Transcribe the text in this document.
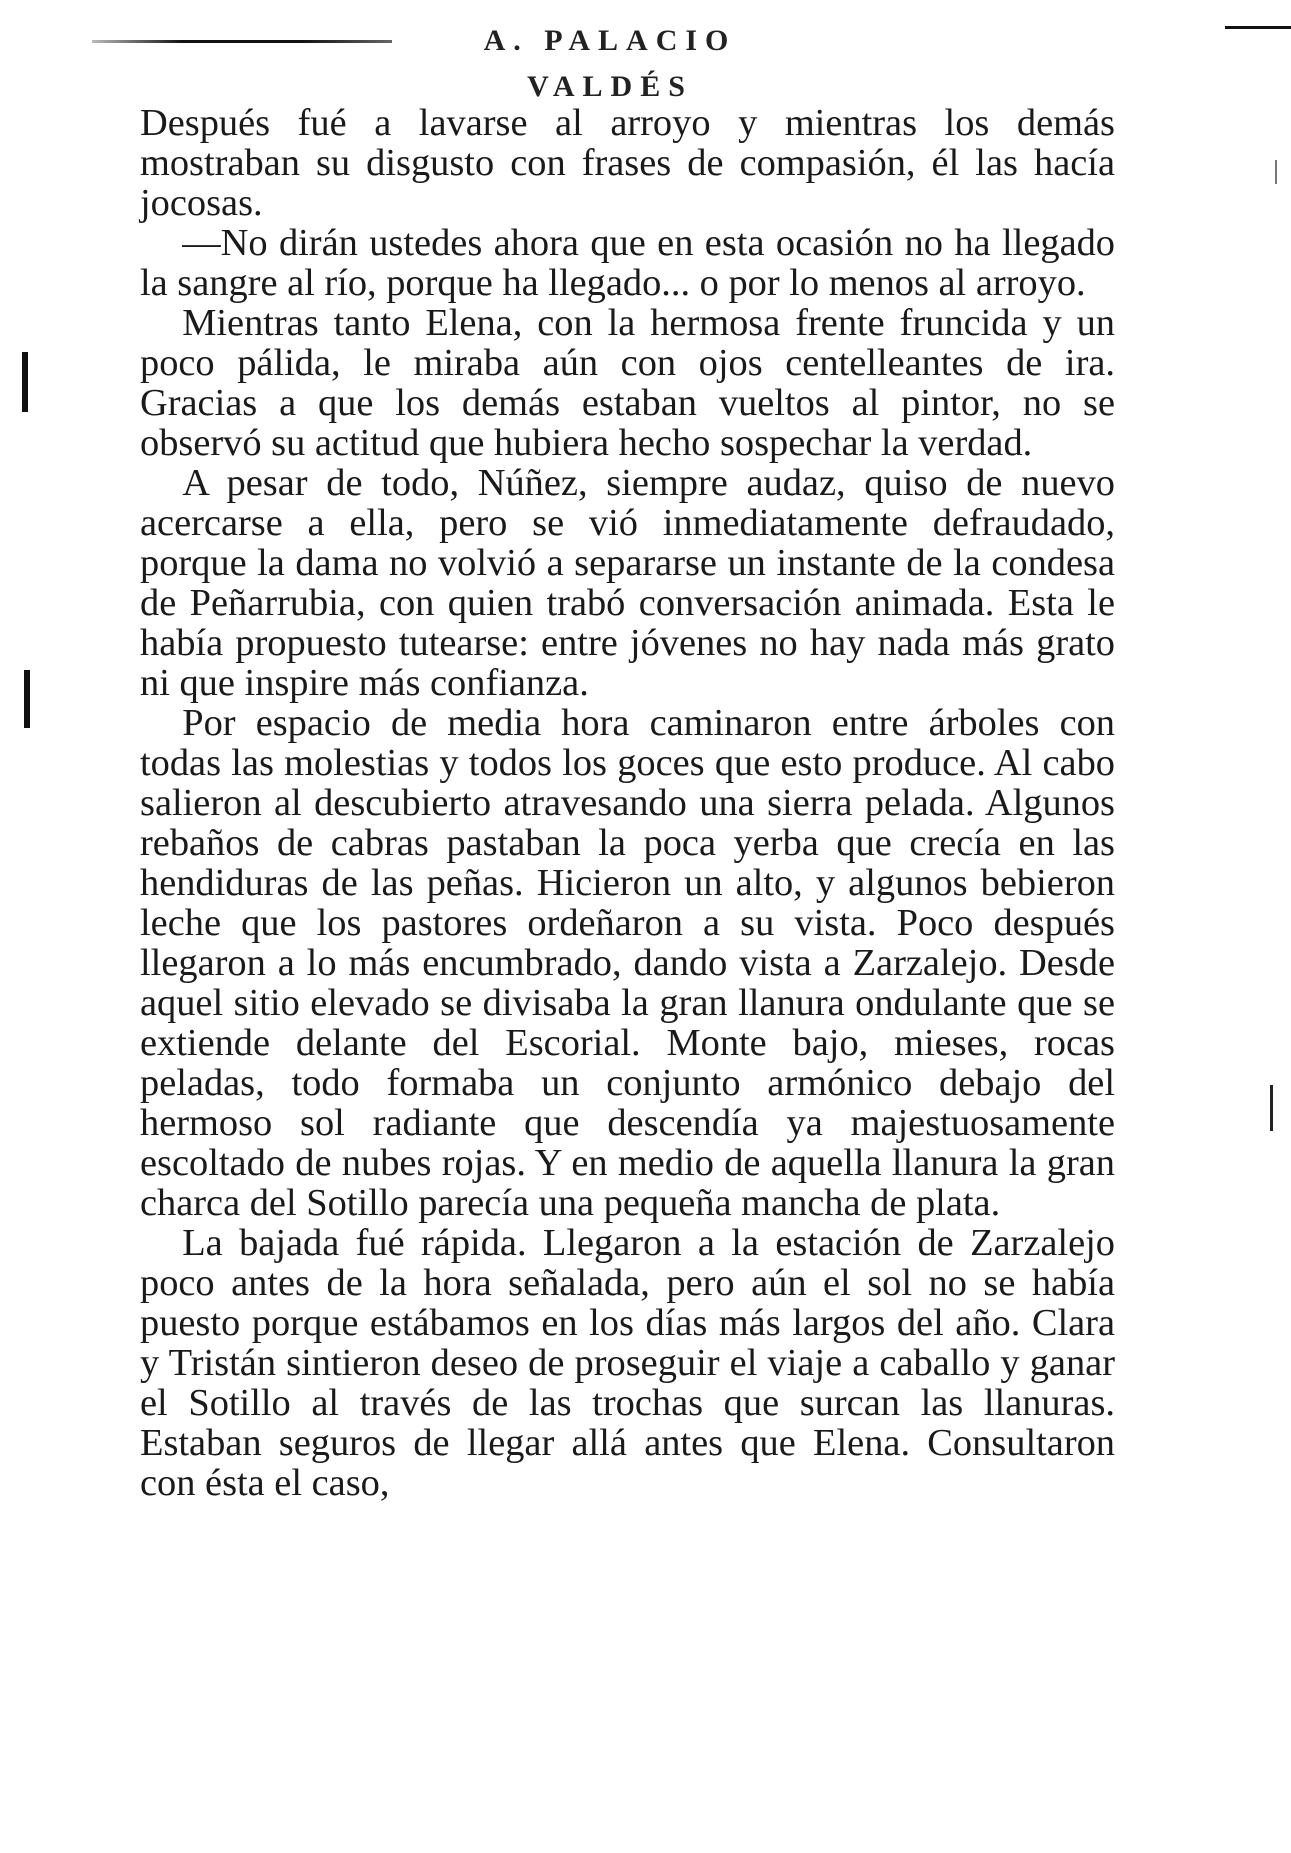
A. PALACIO VALDÉS

Después fué a lavarse al arroyo y mientras los demás mostraban su disgusto con frases de compasión, él las hacía jocosas.

—No dirán ustedes ahora que en esta ocasión no ha llegado la sangre al río, porque ha llegado... o por lo menos al arroyo.

Mientras tanto Elena, con la hermosa frente fruncida y un poco pálida, le miraba aún con ojos centelleantes de ira. Gracias a que los demás estaban vueltos al pintor, no se observó su actitud que hubiera hecho sospechar la verdad.

A pesar de todo, Núñez, siempre audaz, quiso de nuevo acercarse a ella, pero se vió inmediatamente defraudado, porque la dama no volvió a separarse un instante de la condesa de Peñarrubia, con quien trabó conversación animada. Esta le había propuesto tutearse: entre jóvenes no hay nada más grato ni que inspire más confianza.

Por espacio de media hora caminaron entre árboles con todas las molestias y todos los goces que esto produce. Al cabo salieron al descubierto atravesando una sierra pelada. Algunos rebaños de cabras pastaban la poca yerba que crecía en las hendiduras de las peñas. Hicieron un alto, y algunos bebieron leche que los pastores ordeñaron a su vista. Poco después llegaron a lo más encumbrado, dando vista a Zarzalejo. Desde aquel sitio elevado se divisaba la gran llanura ondulante que se extiende delante del Escorial. Monte bajo, mieses, rocas peladas, todo formaba un conjunto armónico debajo del hermoso sol radiante que descendía ya majestuosamente escoltado de nubes rojas. Y en medio de aquella llanura la gran charca del Sotillo parecía una pequeña mancha de plata.

La bajada fué rápida. Llegaron a la estación de Zarzalejo poco antes de la hora señalada, pero aún el sol no se había puesto porque estábamos en los días más largos del año. Clara y Tristán sintieron deseo de proseguir el viaje a caballo y ganar el Sotillo al través de las trochas que surcan las llanuras. Estaban seguros de llegar allá antes que Elena. Consultaron con ésta el caso,
